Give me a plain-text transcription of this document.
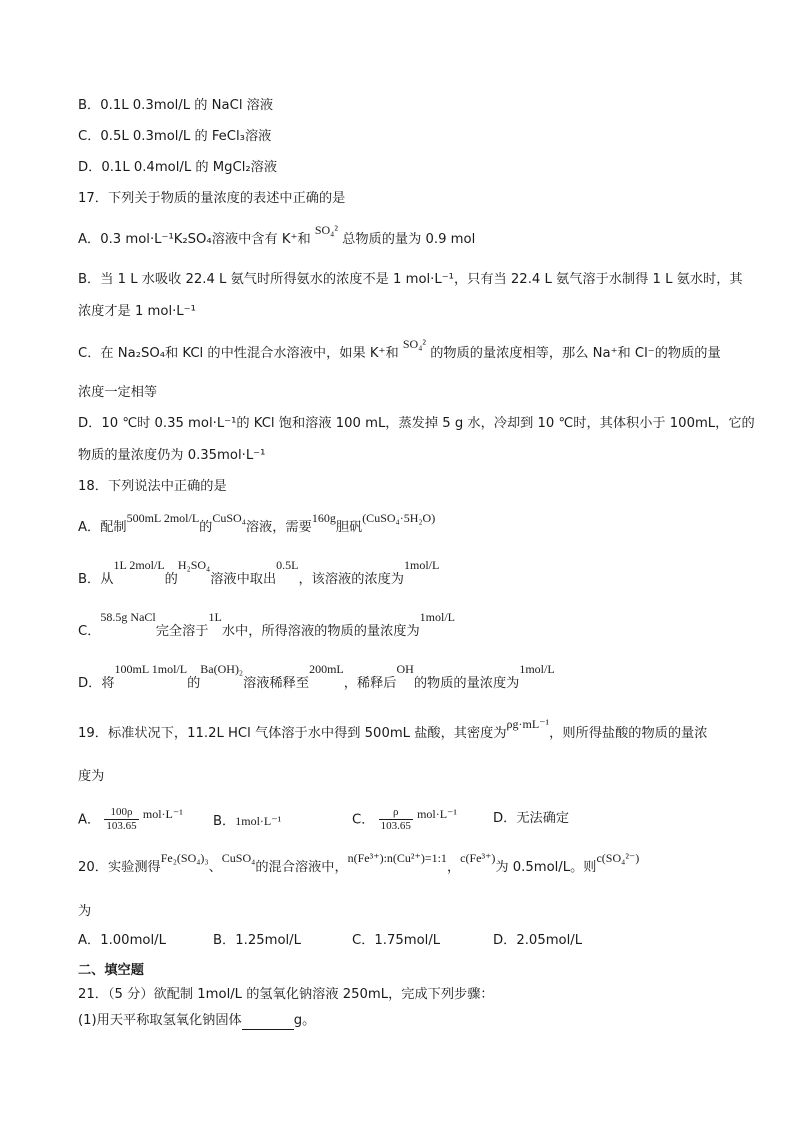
B．0.1L 0.3mol/L 的 NaCl 溶液
C．0.5L 0.3mol/L 的 FeCl₃溶液
D．0.1L 0.4mol/L 的 MgCl₂溶液
17．下列关于物质的量浓度的表述中正确的是
A．0.3 mol·L⁻¹K₂SO₄溶液中含有 K⁺和 SO₄² 总物质的量为 0.9 mol
B．当 1 L 水吸收 22.4 L 氨气时所得氨水的浓度不是 1 mol·L⁻¹，只有当 22.4 L 氨气溶于水制得 1 L 氨水时，其
浓度才是 1 mol·L⁻¹
C．在 Na₂SO₄和 KCl 的中性混合水溶液中，如果 K⁺和 SO₄² 的物质的量浓度相等，那么 Na⁺和 Cl⁻的物质的量
浓度一定相等
D．10 ℃时 0.35 mol·L⁻¹的 KCl 饱和溶液 100 mL，蒸发掉 5 g 水，冷却到 10 ℃时，其体积小于 100mL，它的
物质的量浓度仍为 0.35mol·L⁻¹
18．下列说法中正确的是
A．配制500mL 2mol/L的CuSO₄溶液，需要160g胆矾(CuSO₄·5H₂O)
B．从1L 2mol/L的H₂SO₄溶液中取出0.5L，该溶液的浓度为1mol/L
C．58.5g NaCl完全溶于1L水中，所得溶液的物质的量浓度为1mol/L
D．将100mL 1mol/L的Ba(OH)₂溶液稀释至200mL，稀释后OH的物质的量浓度为1mol/L
19．标准状况下，11.2L HCl 气体溶于水中得到 500mL 盐酸，其密度为ρg·mL⁻¹，则所得盐酸的物质的量浓
度为
A． $\frac{100\rho}{103.65} mol\cdot L^{-1}$
B．1mol·L⁻¹	C． $\frac{\rho}{103.65} mol\cdot L^{-1}$	D．无法确定
20．实验测得Fe₂(SO₄)₃、CuSO₄的混合溶液中，n(Fe³⁺):n(Cu²⁺)=1:1，c(Fe³⁺)为 0.5mol/L。则c(SO₄²⁻)
为
A．1.00mol/L	B．1.25mol/L	C．1.75mol/L	D．2.05mol/L
二、填空题
21．（5 分）欲配制 1mol/L 的氢氧化钠溶液 250mL，完成下列步骤：
(1)用天平称取氢氧化钠固体	g。
